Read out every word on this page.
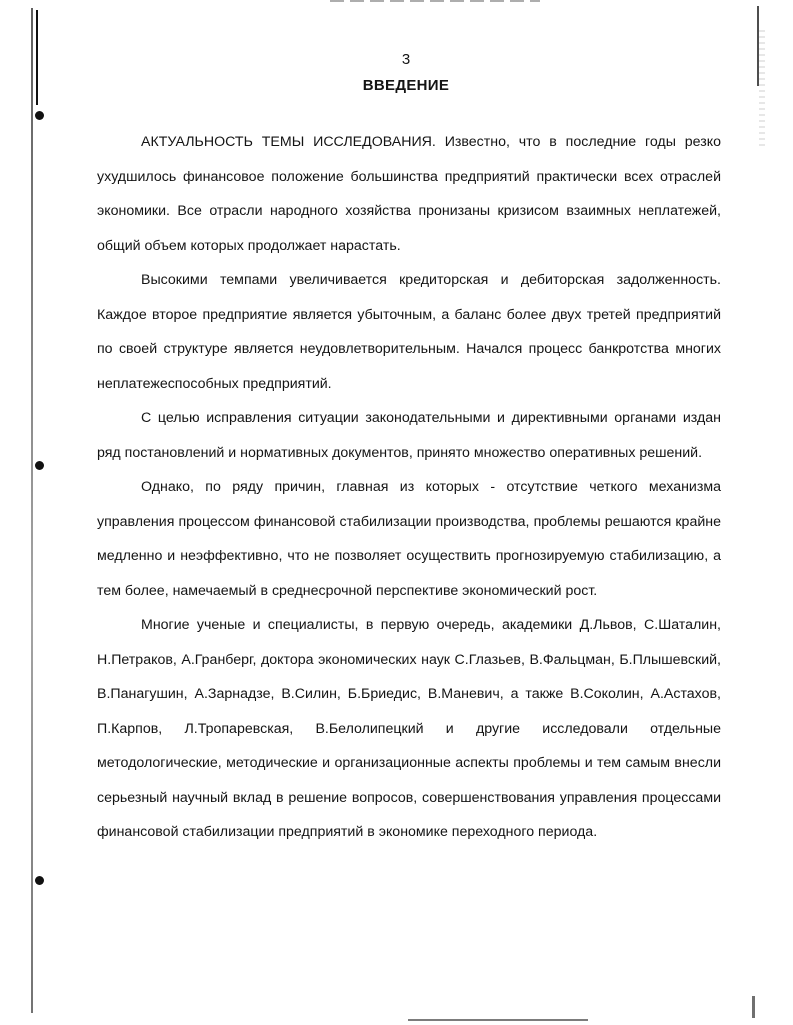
3
ВВЕДЕНИЕ

АКТУАЛЬНОСТЬ ТЕМЫ ИССЛЕДОВАНИЯ. Известно, что в последние годы резко ухудшилось финансовое положение большинства предприятий практически всех отраслей экономики. Все отрасли народного хозяйства пронизаны кризисом взаимных неплатежей, общий объем которых продолжает нарастать.

Высокими темпами увеличивается кредиторская и дебиторская задолженность. Каждое второе предприятие является убыточным, а баланс более двух третей предприятий по своей структуре является неудовлетворительным. Начался процесс банкротства многих неплатежеспособных предприятий.

С целью исправления ситуации законодательными и директивными органами издан ряд постановлений и нормативных документов, принято множество оперативных решений.

Однако, по ряду причин, главная из которых - отсутствие четкого механизма управления процессом финансовой стабилизации производства, проблемы решаются крайне медленно и неэффективно, что не позволяет осуществить прогнозируемую стабилизацию, а тем более, намечаемый в среднесрочной перспективе экономический рост.

Многие ученые и специалисты, в первую очередь, академики Д.Львов, С.Шаталин, Н.Петраков, А.Гранберг, доктора экономических наук С.Глазьев, В.Фальцман, Б.Плышевский, В.Панагушин, А.Зарнадзе, В.Силин, Б.Бриедис, В.Маневич, а также В.Соколин, А.Астахов, П.Карпов, Л.Тропаревская, В.Белолипецкий и другие исследовали отдельные методологические, методические и организационные аспекты проблемы и тем самым внесли серьезный научный вклад в решение вопросов, совершенствования управления процессами финансовой стабилизации предприятий в экономике переходного периода.
